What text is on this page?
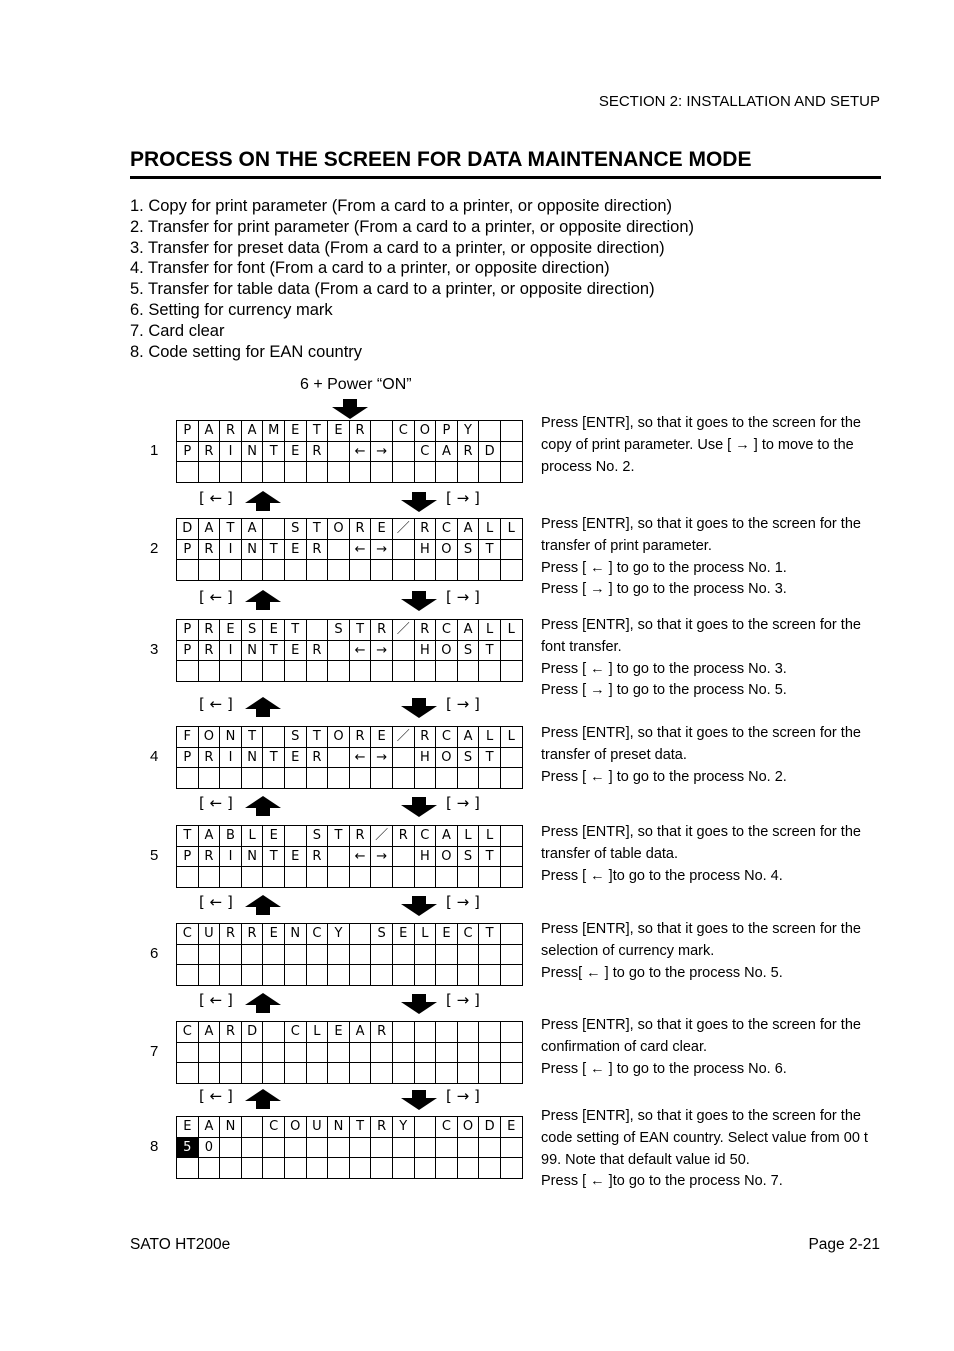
SECTION 2: INSTALLATION AND SETUP
PROCESS ON THE SCREEN FOR DATA MAINTENANCE MODE
1. Copy for print parameter (From a card to a printer, or opposite direction)
2. Transfer for print parameter (From a card to a printer, or opposite direction)
3. Transfer for preset data (From a card to a printer, or opposite direction)
4. Transfer for font (From a card to a printer, or opposite direction)
5. Transfer for table data (From a card to a printer, or opposite direction)
6. Setting for currency mark
7. Card clear
8. Code setting for EAN country
6 + Power “ON”
1
P	A	R	A	M	E	T	E	R		C	O	P	Y		
P	R	I	N	T	E	R		←	→		C	A	R	D	

Press [ENTR], so that it goes to the screen for the
copy of print parameter. Use [ → ] to move to the
process No. 2.
[ ← ]	[ → ]
2
D	A	T	A		S	T	O	R	E	／	R	C	A	L	L
P	R	I	N	T	E	R		←	→		H	O	S	T	

Press [ENTR], so that it goes to the screen for the
transfer of print parameter.
Press [ ← ] to go to the process No. 1.
Press [ → ] to go to the process No. 3.
[ ← ]	[ → ]
3
P	R	E	S	E	T		S	T	R	／	R	C	A	L	L
P	R	I	N	T	E	R		←	→		H	O	S	T	

Press [ENTR], so that it goes to the screen for the
font transfer.
Press [ ← ] to go to the process No. 3.
Press [ → ] to go to the process No. 5.
[ ← ]	[ → ]
4
F	O	N	T		S	T	O	R	E	／	R	C	A	L	L
P	R	I	N	T	E	R		←	→		H	O	S	T	

Press [ENTR], so that it goes to the screen for the
transfer of preset data.
Press [ ← ] to go to the process No. 2.
[ ← ]	[ → ]
5
T	A	B	L	E		S	T	R	／	R	C	A	L	L	
P	R	I	N	T	E	R		←	→		H	O	S	T	

Press [ENTR], so that it goes to the screen for the
transfer of table data.
Press [ ← ]to go to the process No. 4.
[ ← ]	[ → ]
6
C	U	R	R	E	N	C	Y		S	E	L	E	C	T	

																Press [ENTR], so that it goes to the screen for the
selection of currency mark.
Press[ ← ] to go to the process No. 5.
[ ← ]	[ → ]
7
C	A	R	D		C	L	E	A	R						

																Press [ENTR], so that it goes to the screen for the
confirmation of card clear.
Press [ ← ] to go to the process No. 6.
[ ← ]	[ → ]
8
E	A	N		C	O	U	N	T	R	Y		C	O	D	E
5	0														

Press [ENTR], so that it goes to the screen for the
code setting of EAN country. Select value from 00 t
99. Note that default value id 50.
Press [ ← ]to go to the process No. 7.
SATO HT200e	Page 2-21
